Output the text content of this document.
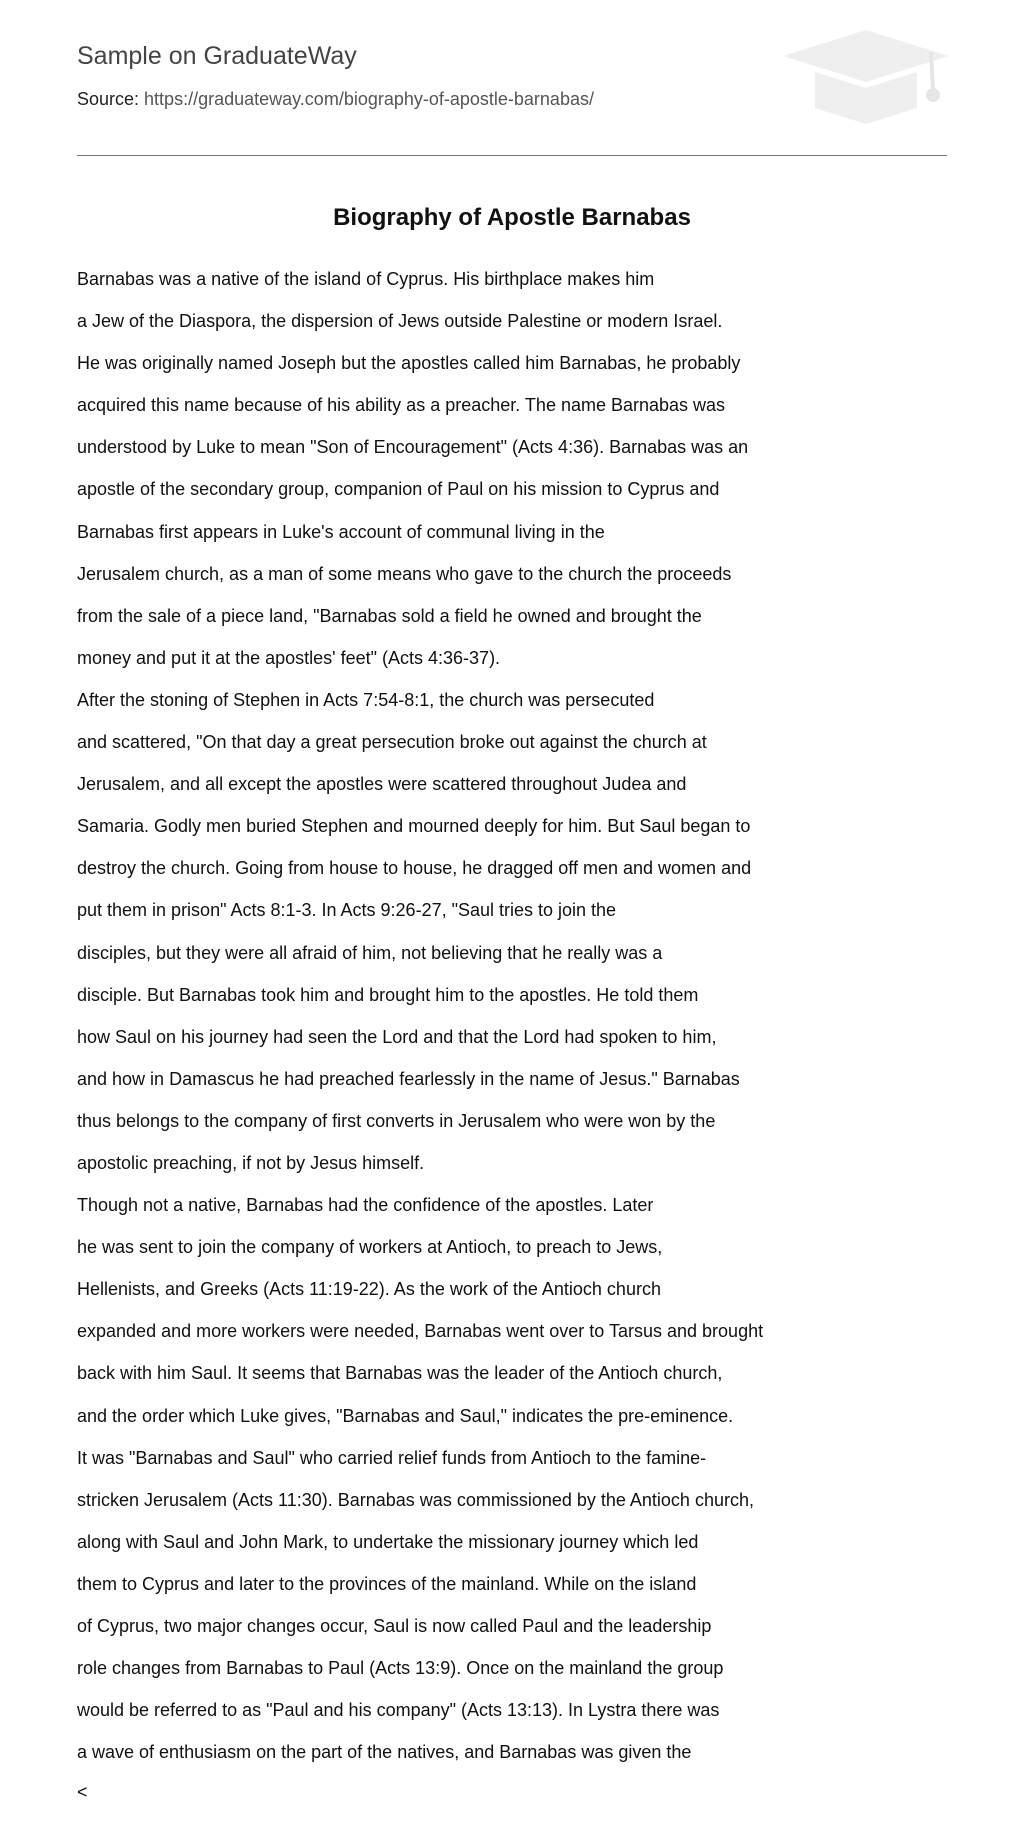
Sample on GraduateWay
Source: https://graduateway.com/biography-of-apostle-barnabas/
Biography of Apostle Barnabas
Barnabas was a native of the island of Cyprus. His birthplace makes him
a Jew of the Diaspora, the dispersion of Jews outside Palestine or modern Israel.
He was originally named Joseph but the apostles called him Barnabas, he probably
acquired this name because of his ability as a preacher. The name Barnabas was
understood by Luke to mean "Son of Encouragement" (Acts 4:36). Barnabas was an
apostle of the secondary group, companion of Paul on his mission to Cyprus and
Barnabas first appears in Luke's account of communal living in the
Jerusalem church, as a man of some means who gave to the church the proceeds
from the sale of a piece land, "Barnabas sold a field he owned and brought the
money and put it at the apostles' feet" (Acts 4:36-37).
After the stoning of Stephen in Acts 7:54-8:1, the church was persecuted
and scattered, "On that day a great persecution broke out against the church at
Jerusalem, and all except the apostles were scattered throughout Judea and
Samaria. Godly men buried Stephen and mourned deeply for him. But Saul began to
destroy the church. Going from house to house, he dragged off men and women and
put them in prison" Acts 8:1-3. In Acts 9:26-27, "Saul tries to join the
disciples, but they were all afraid of him, not believing that he really was a
disciple. But Barnabas took him and brought him to the apostles. He told them
how Saul on his journey had seen the Lord and that the Lord had spoken to him,
and how in Damascus he had preached fearlessly in the name of Jesus." Barnabas
thus belongs to the company of first converts in Jerusalem who were won by the
apostolic preaching, if not by Jesus himself.
Though not a native, Barnabas had the confidence of the apostles. Later
he was sent to join the company of workers at Antioch, to preach to Jews,
Hellenists, and Greeks (Acts 11:19-22). As the work of the Antioch church
expanded and more workers were needed, Barnabas went over to Tarsus and brought
back with him Saul. It seems that Barnabas was the leader of the Antioch church,
and the order which Luke gives, "Barnabas and Saul," indicates the pre-eminence.
It was "Barnabas and Saul" who carried relief funds from Antioch to the famine-
stricken Jerusalem (Acts 11:30). Barnabas was commissioned by the Antioch church,
along with Saul and John Mark, to undertake the missionary journey which led
them to Cyprus and later to the provinces of the mainland. While on the island
of Cyprus, two major changes occur, Saul is now called Paul and the leadership
role changes from Barnabas to Paul (Acts 13:9). Once on the mainland the group
would be referred to as "Paul and his company" (Acts 13:13). In Lystra there was
a wave of enthusiasm on the part of the natives, and Barnabas was given the
<
